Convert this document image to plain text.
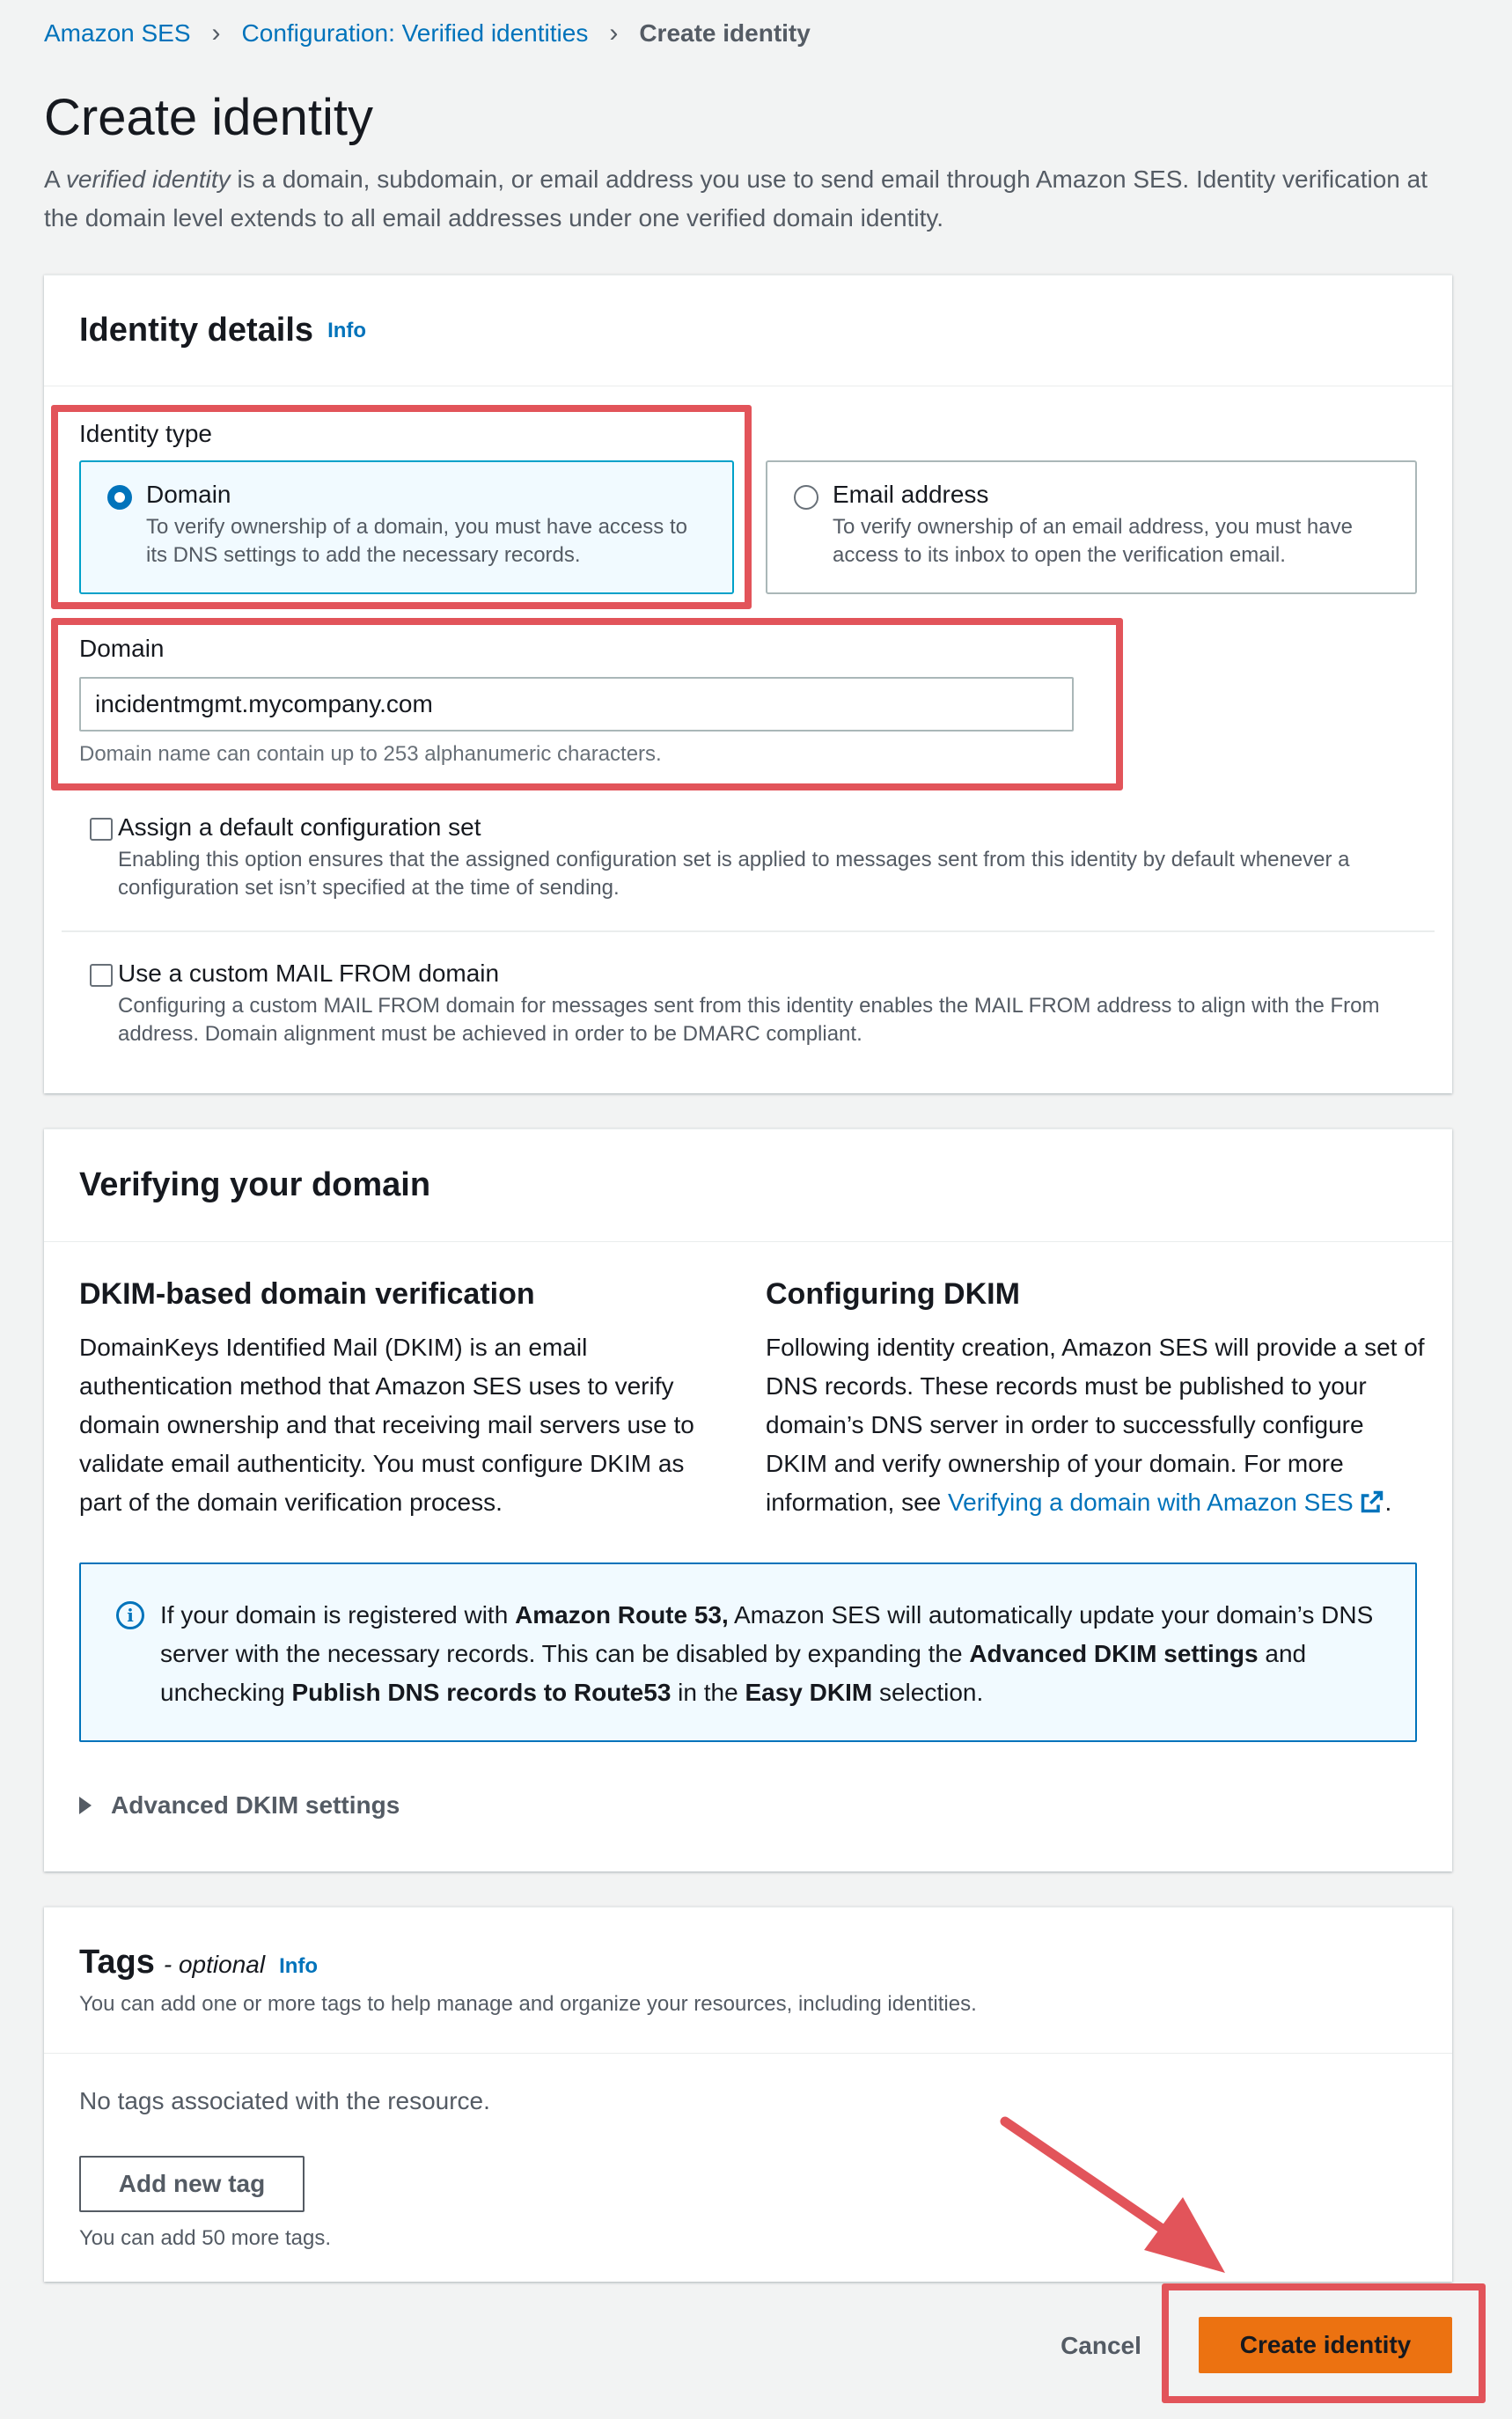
Amazon SES › Configuration: Verified identities › Create identity
Create identity

A verified identity is a domain, subdomain, or email address you use to send email through Amazon SES. Identity verification at the domain level extends to all email addresses under one verified domain identity.

Identity details Info
Identity type
Domain
To verify ownership of a domain, you must have access to its DNS settings to add the necessary records.
Email address
To verify ownership of an email address, you must have access to its inbox to open the verification email.
Domain
incidentmgmt.mycompany.com
Domain name can contain up to 253 alphanumeric characters.
Assign a default configuration set
Enabling this option ensures that the assigned configuration set is applied to messages sent from this identity by default whenever a configuration set isn’t specified at the time of sending.
Use a custom MAIL FROM domain
Configuring a custom MAIL FROM domain for messages sent from this identity enables the MAIL FROM address to align with the From address. Domain alignment must be achieved in order to be DMARC compliant.
Verifying your domain
DKIM-based domain verification
DomainKeys Identified Mail (DKIM) is an email authentication method that Amazon SES uses to verify domain ownership and that receiving mail servers use to validate email authenticity. You must configure DKIM as part of the domain verification process.
Configuring DKIM
Following identity creation, Amazon SES will provide a set of DNS records. These records must be published to your domain’s DNS server in order to successfully configure DKIM and verify ownership of your domain. For more information, see Verifying a domain with Amazon SES .
i	If your domain is registered with Amazon Route 53, Amazon SES will automatically update your domain’s DNS server with the necessary records. This can be disabled by expanding the Advanced DKIM settings and unchecking Publish DNS records to Route53 in the Easy DKIM selection.
Advanced DKIM settings
Tags - optional Info
You can add one or more tags to help manage and organize your resources, including identities.
No tags associated with the resource.
Add new tag
You can add 50 more tags.
Cancel	Create identity
